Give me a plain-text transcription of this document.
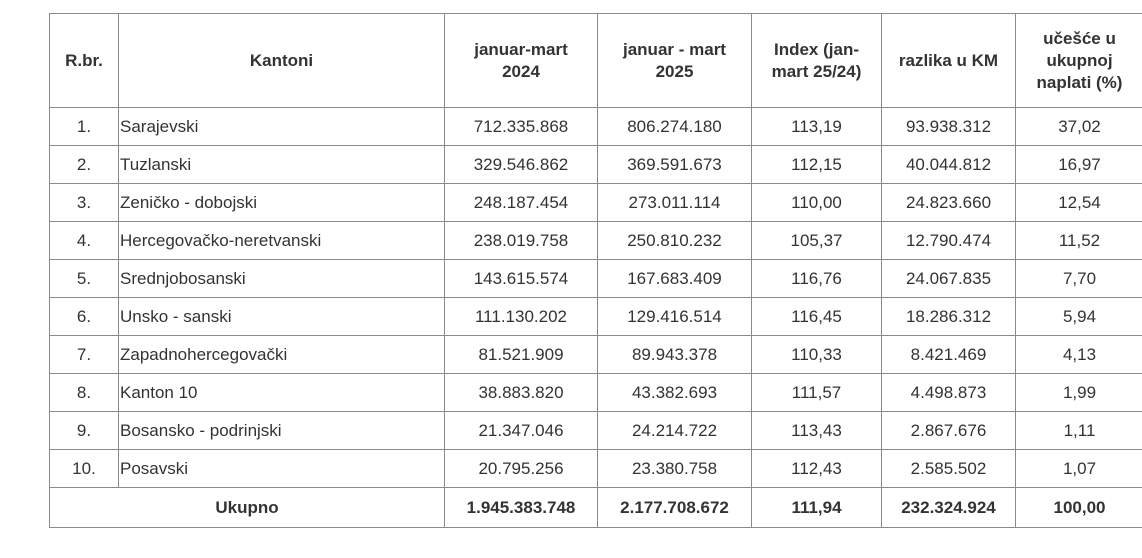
R.br.	Kantoni	januar-mart 2024	januar - mart 2025	Index (jan-mart 25/24)	razlika u KM	učešće u ukupnoj naplati (%)
1.	Sarajevski	712.335.868	806.274.180	113,19	93.938.312	37,02
2.	Tuzlanski	329.546.862	369.591.673	112,15	40.044.812	16,97
3.	Zeničko - dobojski	248.187.454	273.011.114	110,00	24.823.660	12,54
4.	Hercegovačko-neretvanski	238.019.758	250.810.232	105,37	12.790.474	11,52
5.	Srednjobosanski	143.615.574	167.683.409	116,76	24.067.835	7,70
6.	Unsko - sanski	111.130.202	129.416.514	116,45	18.286.312	5,94
7.	Zapadnohercegovački	81.521.909	89.943.378	110,33	8.421.469	4,13
8.	Kanton 10	38.883.820	43.382.693	111,57	4.498.873	1,99
9.	Bosansko - podrinjski	21.347.046	24.214.722	113,43	2.867.676	1,11
10.	Posavski	20.795.256	23.380.758	112,43	2.585.502	1,07
Ukupno		1.945.383.748	2.177.708.672	111,94	232.324.924	100,00
